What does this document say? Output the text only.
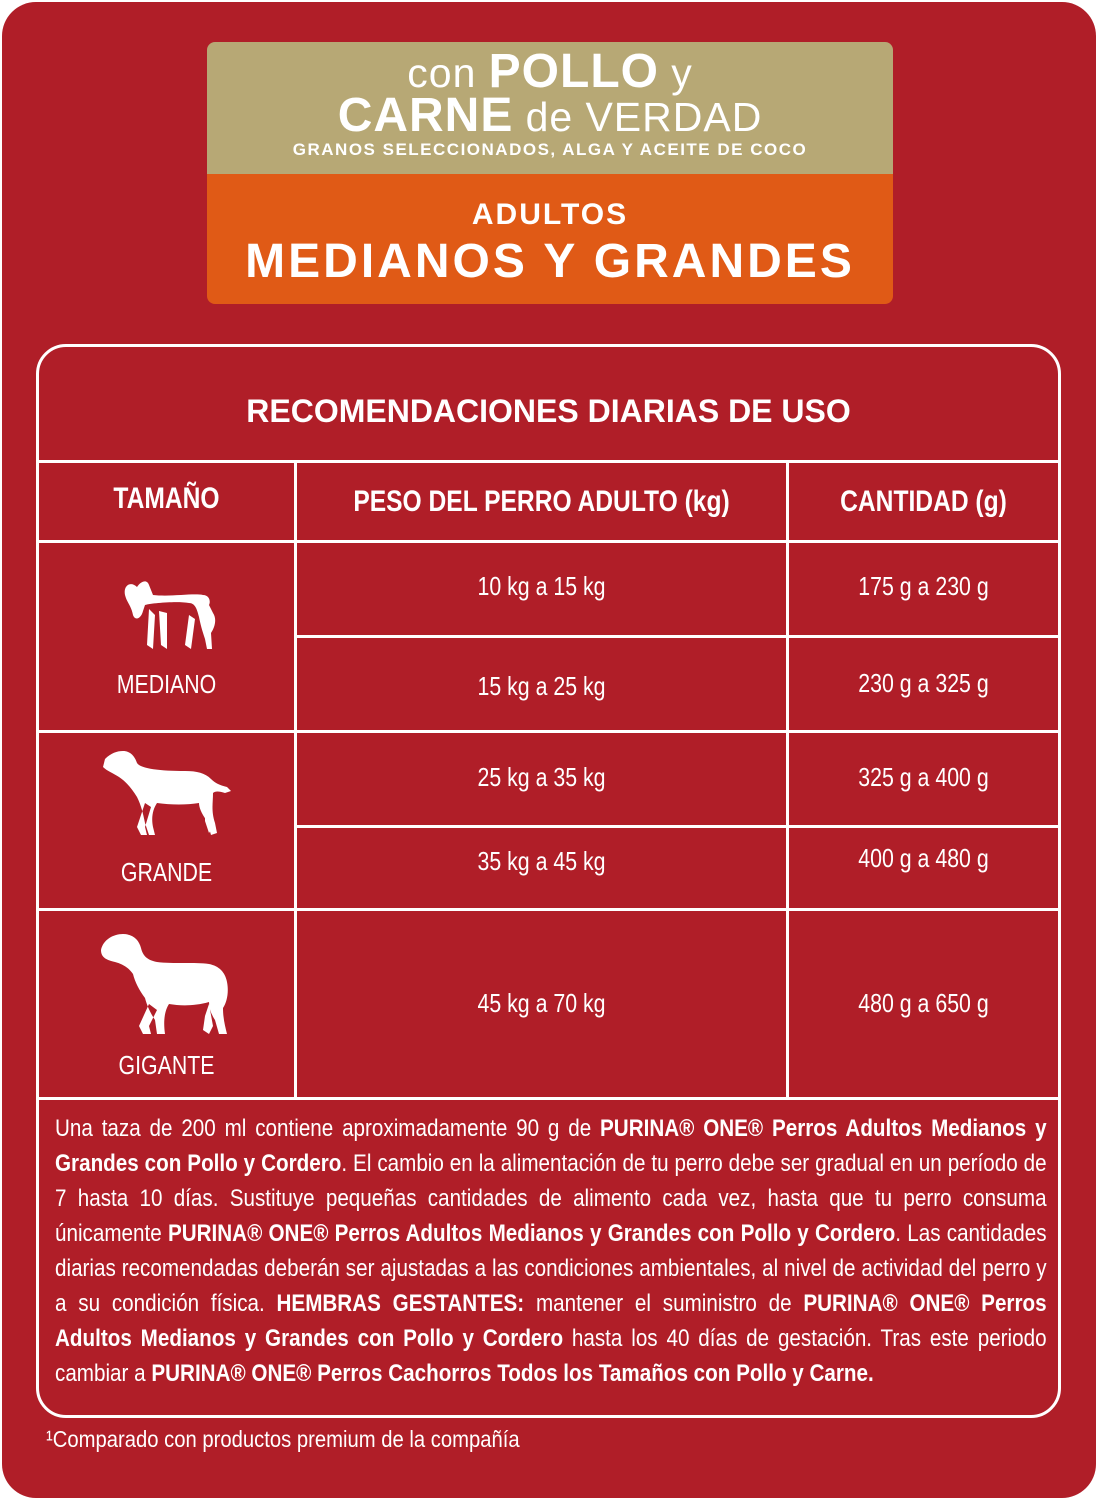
con POLLO y
CARNE de VERDAD
GRANOS SELECCIONADOS, ALGA Y ACEITE DE COCO
ADULTOS
MEDIANOS Y GRANDES
RECOMENDACIONES DIARIAS DE USO
TAMAÑO	PESO DEL PERRO ADULTO (kg)	CANTIDAD (g)
MEDIANO
10 kg a 15 kg	175 g a 230 g
15 kg a 25 kg	230 g a 325 g
GRANDE
25 kg a 35 kg	325 g a 400 g
35 kg a 45 kg	400 g a 480 g
GIGANTE
45 kg a 70 kg	480 g a 650 g
Una taza de 200 ml contiene aproximadamente 90 g de PURINA® ONE® Perros Adultos Medianos y Grandes con Pollo y Cordero. El cambio en la alimentación de tu perro debe ser gradual en un período de 7 hasta 10 días. Sustituye pequeñas cantidades de alimento cada vez, hasta que tu perro consuma únicamente PURINA® ONE® Perros Adultos Medianos y Grandes con Pollo y Cordero. Las cantidades diarias recomendadas deberán ser ajustadas a las condiciones ambientales, al nivel de actividad del perro y a su condición física. HEMBRAS GESTANTES: mantener el suministro de PURINA® ONE® Perros Adultos Medianos y Grandes con Pollo y Cordero hasta los 40 días de gestación. Tras este periodo cambiar a PURINA® ONE® Perros Cachorros Todos los Tamaños con Pollo y Carne.
¹Comparado con productos premium de la compañía
